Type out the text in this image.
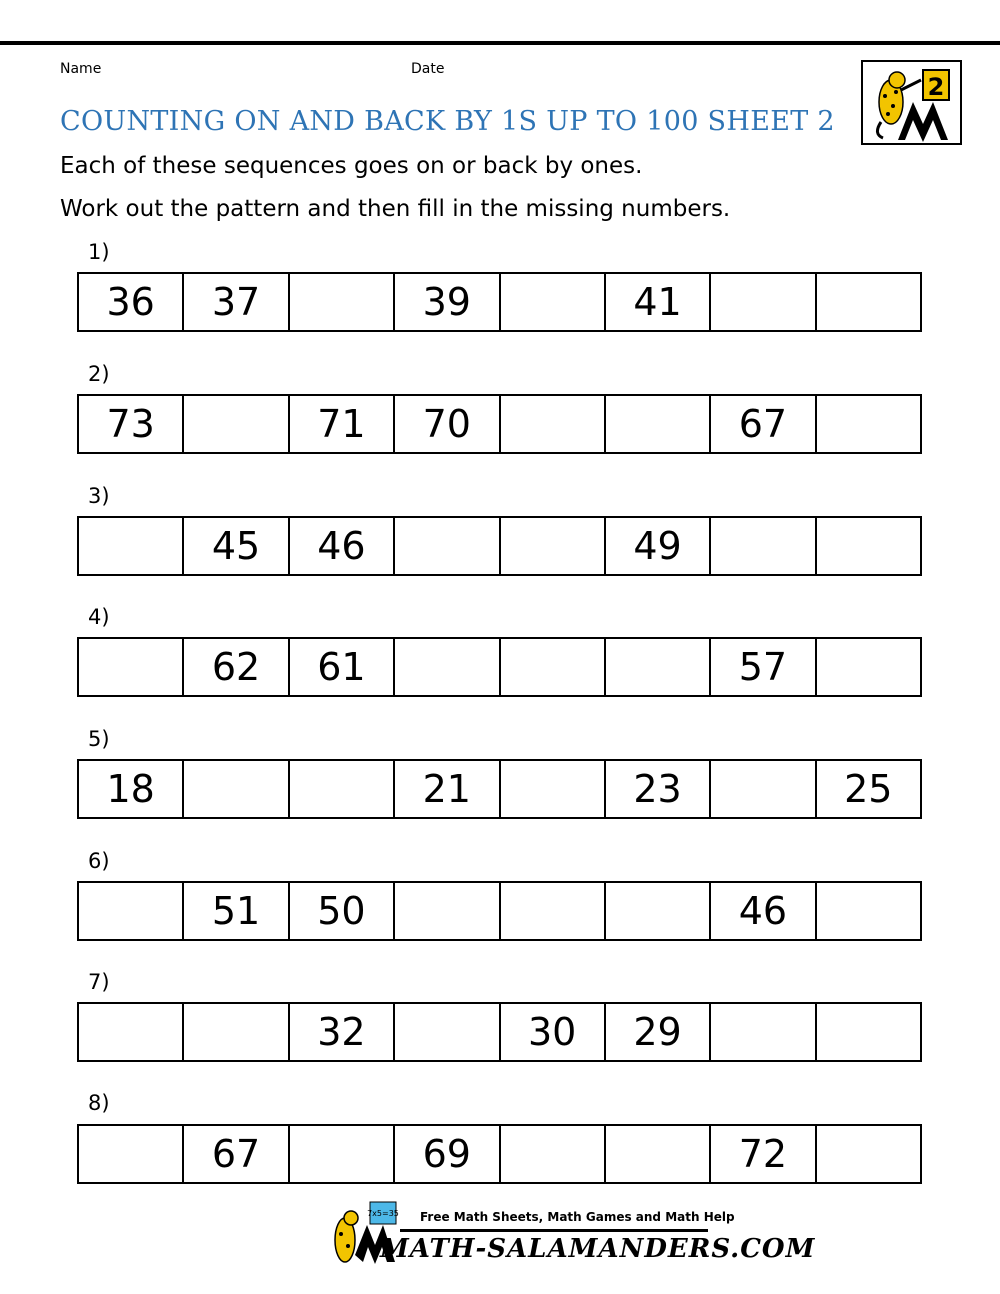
Name	Date
2
COUNTING ON AND BACK BY 1S UP TO 100 SHEET 2
Each of these sequences goes on or back by ones.
Work out the pattern and then fill in the missing numbers.
1)
36	37	39	41
2)
73	71	70	67
3)
45	46	49
4)
62	61	57
5)
18	21	23	25
6)
51	50	46
7)
32	30	29
8)
67	69	72
7x5=35 Free Math Sheets, Math Games and Math Help
MATH-SALAMANDERS.COM
